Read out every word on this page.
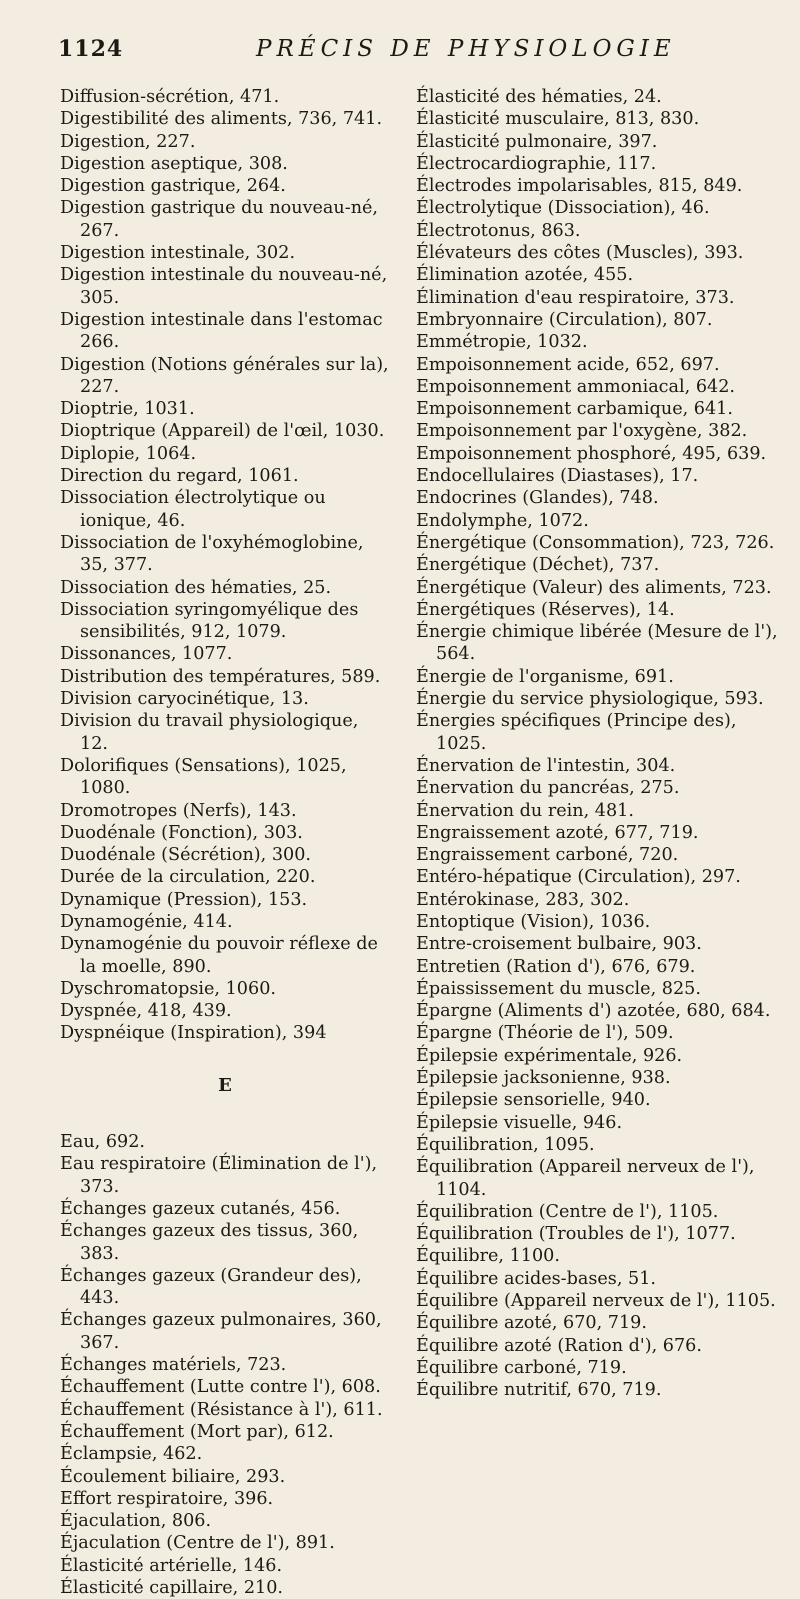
1124	PRÉCIS DE PHYSIOLOGIE

Diffusion-sécrétion, 471.

Digestibilité des aliments, 736, 741.

Digestion, 227.

Digestion aseptique, 308.

Digestion gastrique, 264.

Digestion gastrique du nouveau-né, 267.

Digestion intestinale, 302.

Digestion intestinale du nouveau-né, 305.

Digestion intestinale dans l'estomac 266.

Digestion (Notions générales sur la), 227.

Dioptrie, 1031.

Dioptrique (Appareil) de l'œil, 1030.

Diplopie, 1064.

Direction du regard, 1061.

Dissociation électrolytique ou ionique, 46.

Dissociation de l'oxyhémoglobine, 35, 377.

Dissociation des hématies, 25.

Dissociation syringomyélique des sensibilités, 912, 1079.

Dissonances, 1077.

Distribution des températures, 589.

Division caryocinétique, 13.

Division du travail physiologique, 12.

Dolorifiques (Sensations), 1025, 1080.

Dromotropes (Nerfs), 143.

Duodénale (Fonction), 303.

Duodénale (Sécrétion), 300.

Durée de la circulation, 220.

Dynamique (Pression), 153.

Dynamogénie, 414.

Dynamogénie du pouvoir réflexe de la moelle, 890.

Dyschromatopsie, 1060.

Dyspnée, 418, 439.

Dyspnéique (Inspiration), 394

E

Eau, 692.

Eau respiratoire (Élimination de l'), 373.

Échanges gazeux cutanés, 456.

Échanges gazeux des tissus, 360, 383.

Échanges gazeux (Grandeur des), 443.

Échanges gazeux pulmonaires, 360, 367.

Échanges matériels, 723.

Échauffement (Lutte contre l'), 608.

Échauffement (Résistance à l'), 611.

Échauffement (Mort par), 612.

Éclampsie, 462.

Écoulement biliaire, 293.

Effort respiratoire, 396.

Éjaculation, 806.

Éjaculation (Centre de l'), 891.

Élasticité artérielle, 146.

Élasticité capillaire, 210.

Élasticité des hématies, 24.

Élasticité musculaire, 813, 830.

Élasticité pulmonaire, 397.

Électrocardiographie, 117.

Électrodes impolarisables, 815, 849.

Électrolytique (Dissociation), 46.

Électrotonus, 863.

Élévateurs des côtes (Muscles), 393.

Élimination azotée, 455.

Élimination d'eau respiratoire, 373.

Embryonnaire (Circulation), 807.

Emmétropie, 1032.

Empoisonnement acide, 652, 697.

Empoisonnement ammoniacal, 642.

Empoisonnement carbamique, 641.

Empoisonnement par l'oxygène, 382.

Empoisonnement phosphoré, 495, 639.

Endocellulaires (Diastases), 17.

Endocrines (Glandes), 748.

Endolymphe, 1072.

Énergétique (Consommation), 723, 726.

Énergétique (Déchet), 737.

Énergétique (Valeur) des aliments, 723.

Énergétiques (Réserves), 14.

Énergie chimique libérée (Mesure de l'), 564.

Énergie de l'organisme, 691.

Énergie du service physiologique, 593.

Énergies spécifiques (Principe des), 1025.

Énervation de l'intestin, 304.

Énervation du pancréas, 275.

Énervation du rein, 481.

Engraissement azoté, 677, 719.

Engraissement carboné, 720.

Entéro-hépatique (Circulation), 297.

Entérokinase, 283, 302.

Entoptique (Vision), 1036.

Entre-croisement bulbaire, 903.

Entretien (Ration d'), 676, 679.

Épaississement du muscle, 825.

Épargne (Aliments d') azotée, 680, 684.

Épargne (Théorie de l'), 509.

Épilepsie expérimentale, 926.

Épilepsie jacksonienne, 938.

Épilepsie sensorielle, 940.

Épilepsie visuelle, 946.

Équilibration, 1095.

Équilibration (Appareil nerveux de l'), 1104.

Équilibration (Centre de l'), 1105.

Équilibration (Troubles de l'), 1077.

Équilibre, 1100.

Équilibre acides-bases, 51.

Équilibre (Appareil nerveux de l'), 1105.

Équilibre azoté, 670, 719.

Équilibre azoté (Ration d'), 676.

Équilibre carboné, 719.

Équilibre nutritif, 670, 719.
